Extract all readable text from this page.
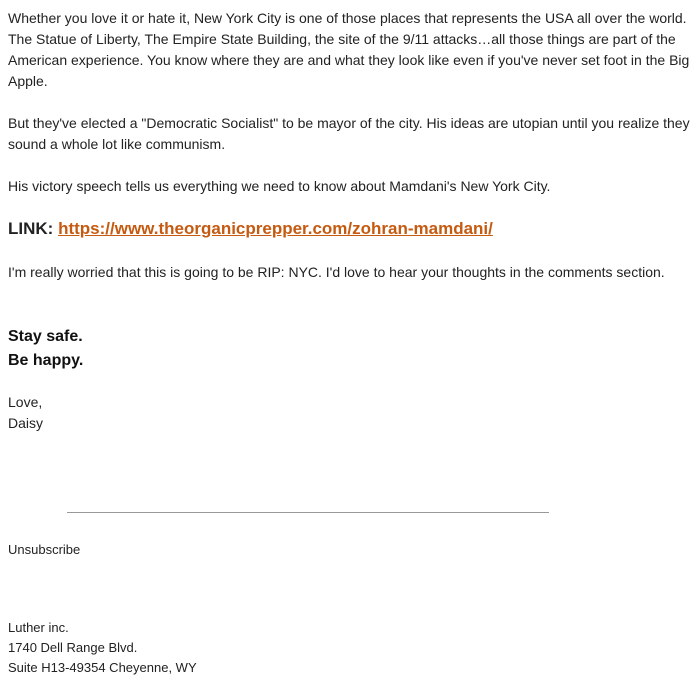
Whether you love it or hate it, New York City is one of those places that represents the USA all over the world. The Statue of Liberty, The Empire State Building, the site of the 9/11 attacks…all those things are part of the American experience. You know where they are and what they look like even if you've never set foot in the Big Apple.

But they've elected a "Democratic Socialist" to be mayor of the city. His ideas are utopian until you realize they sound a whole lot like communism.

His victory speech tells us everything we need to know about Mamdani's New York City.

LINK: https://www.theorganicprepper.com/zohran-mamdani/

I'm really worried that this is going to be RIP: NYC. I'd love to hear your thoughts in the comments section.

Stay safe.
Be happy.

Love,
Daisy

Unsubscribe
Luther inc.
1740 Dell Range Blvd.
Suite H13-49354 Cheyenne, WY
